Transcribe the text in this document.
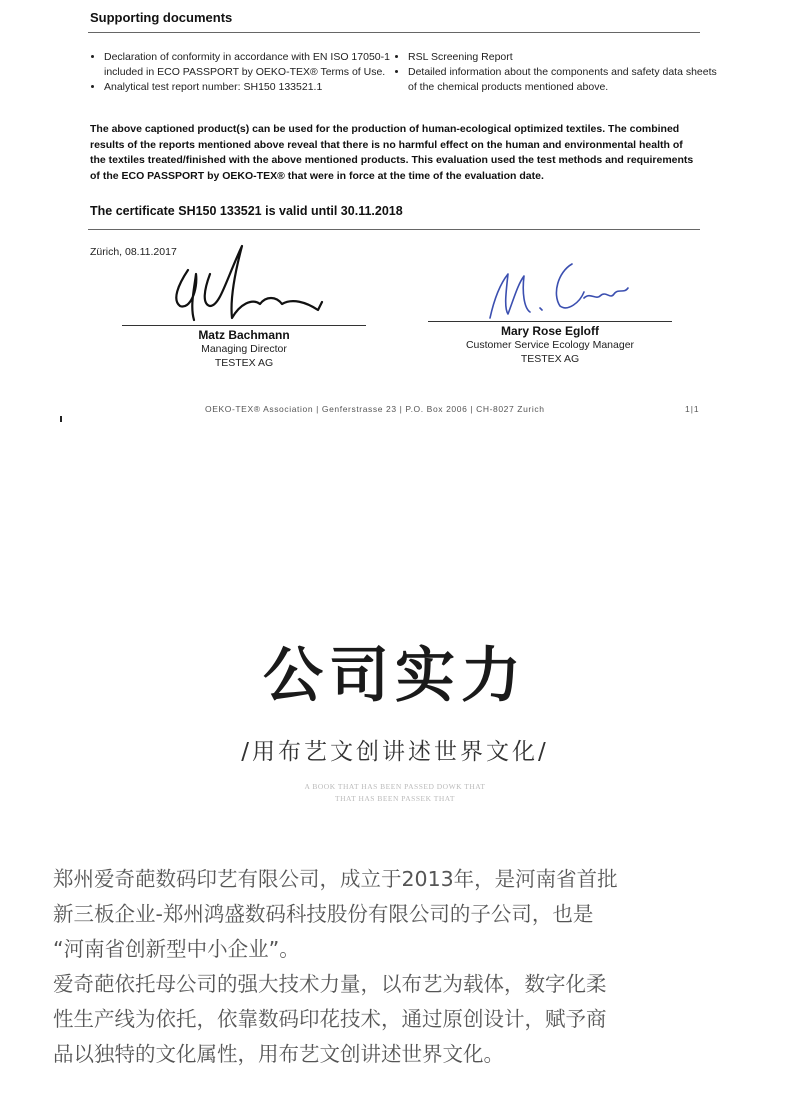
Supporting documents
• Declaration of conformity in accordance with EN ISO 17050-1 included in ECO PASSPORT by OEKO-TEX® Terms of Use.
• Analytical test report number: SH150 133521.1
• RSL Screening Report
• Detailed information about the components and safety data sheets of the chemical products mentioned above.
The above captioned product(s) can be used for the production of human-ecological optimized textiles. The combined results of the reports mentioned above reveal that there is no harmful effect on the human and environmental health of the textiles treated/finished with the above mentioned products. This evaluation used the test methods and requirements of the ECO PASSPORT by OEKO-TEX® that were in force at the time of the evaluation date.
The certificate SH150 133521 is valid until 30.11.2018
Zürich, 08.11.2017
Matz Bachmann
Managing Director
TESTEX AG
Mary Rose Egloff
Customer Service Ecology Manager
TESTEX AG
OEKO-TEX® Association | Genferstrasse 23 | P.O. Box 2006 | CH-8027 Zurich	1|1
公司实力
/用布艺文创讲述世界文化/
A BOOK THAT HAS BEEN PASSED DOWK THAT
THAT HAS BEEN PASSEK THAT

郑州爱奇葩数码印艺有限公司，成立于2013年，是河南省首批
新三板企业-郑州鸿盛数码科技股份有限公司的子公司，也是
“河南省创新型中小企业”。

爱奇葩依托母公司的强大技术力量，以布艺为载体，数字化柔
性生产线为依托，依靠数码印花技术，通过原创设计，赋予商
品以独特的文化属性，用布艺文创讲述世界文化。
